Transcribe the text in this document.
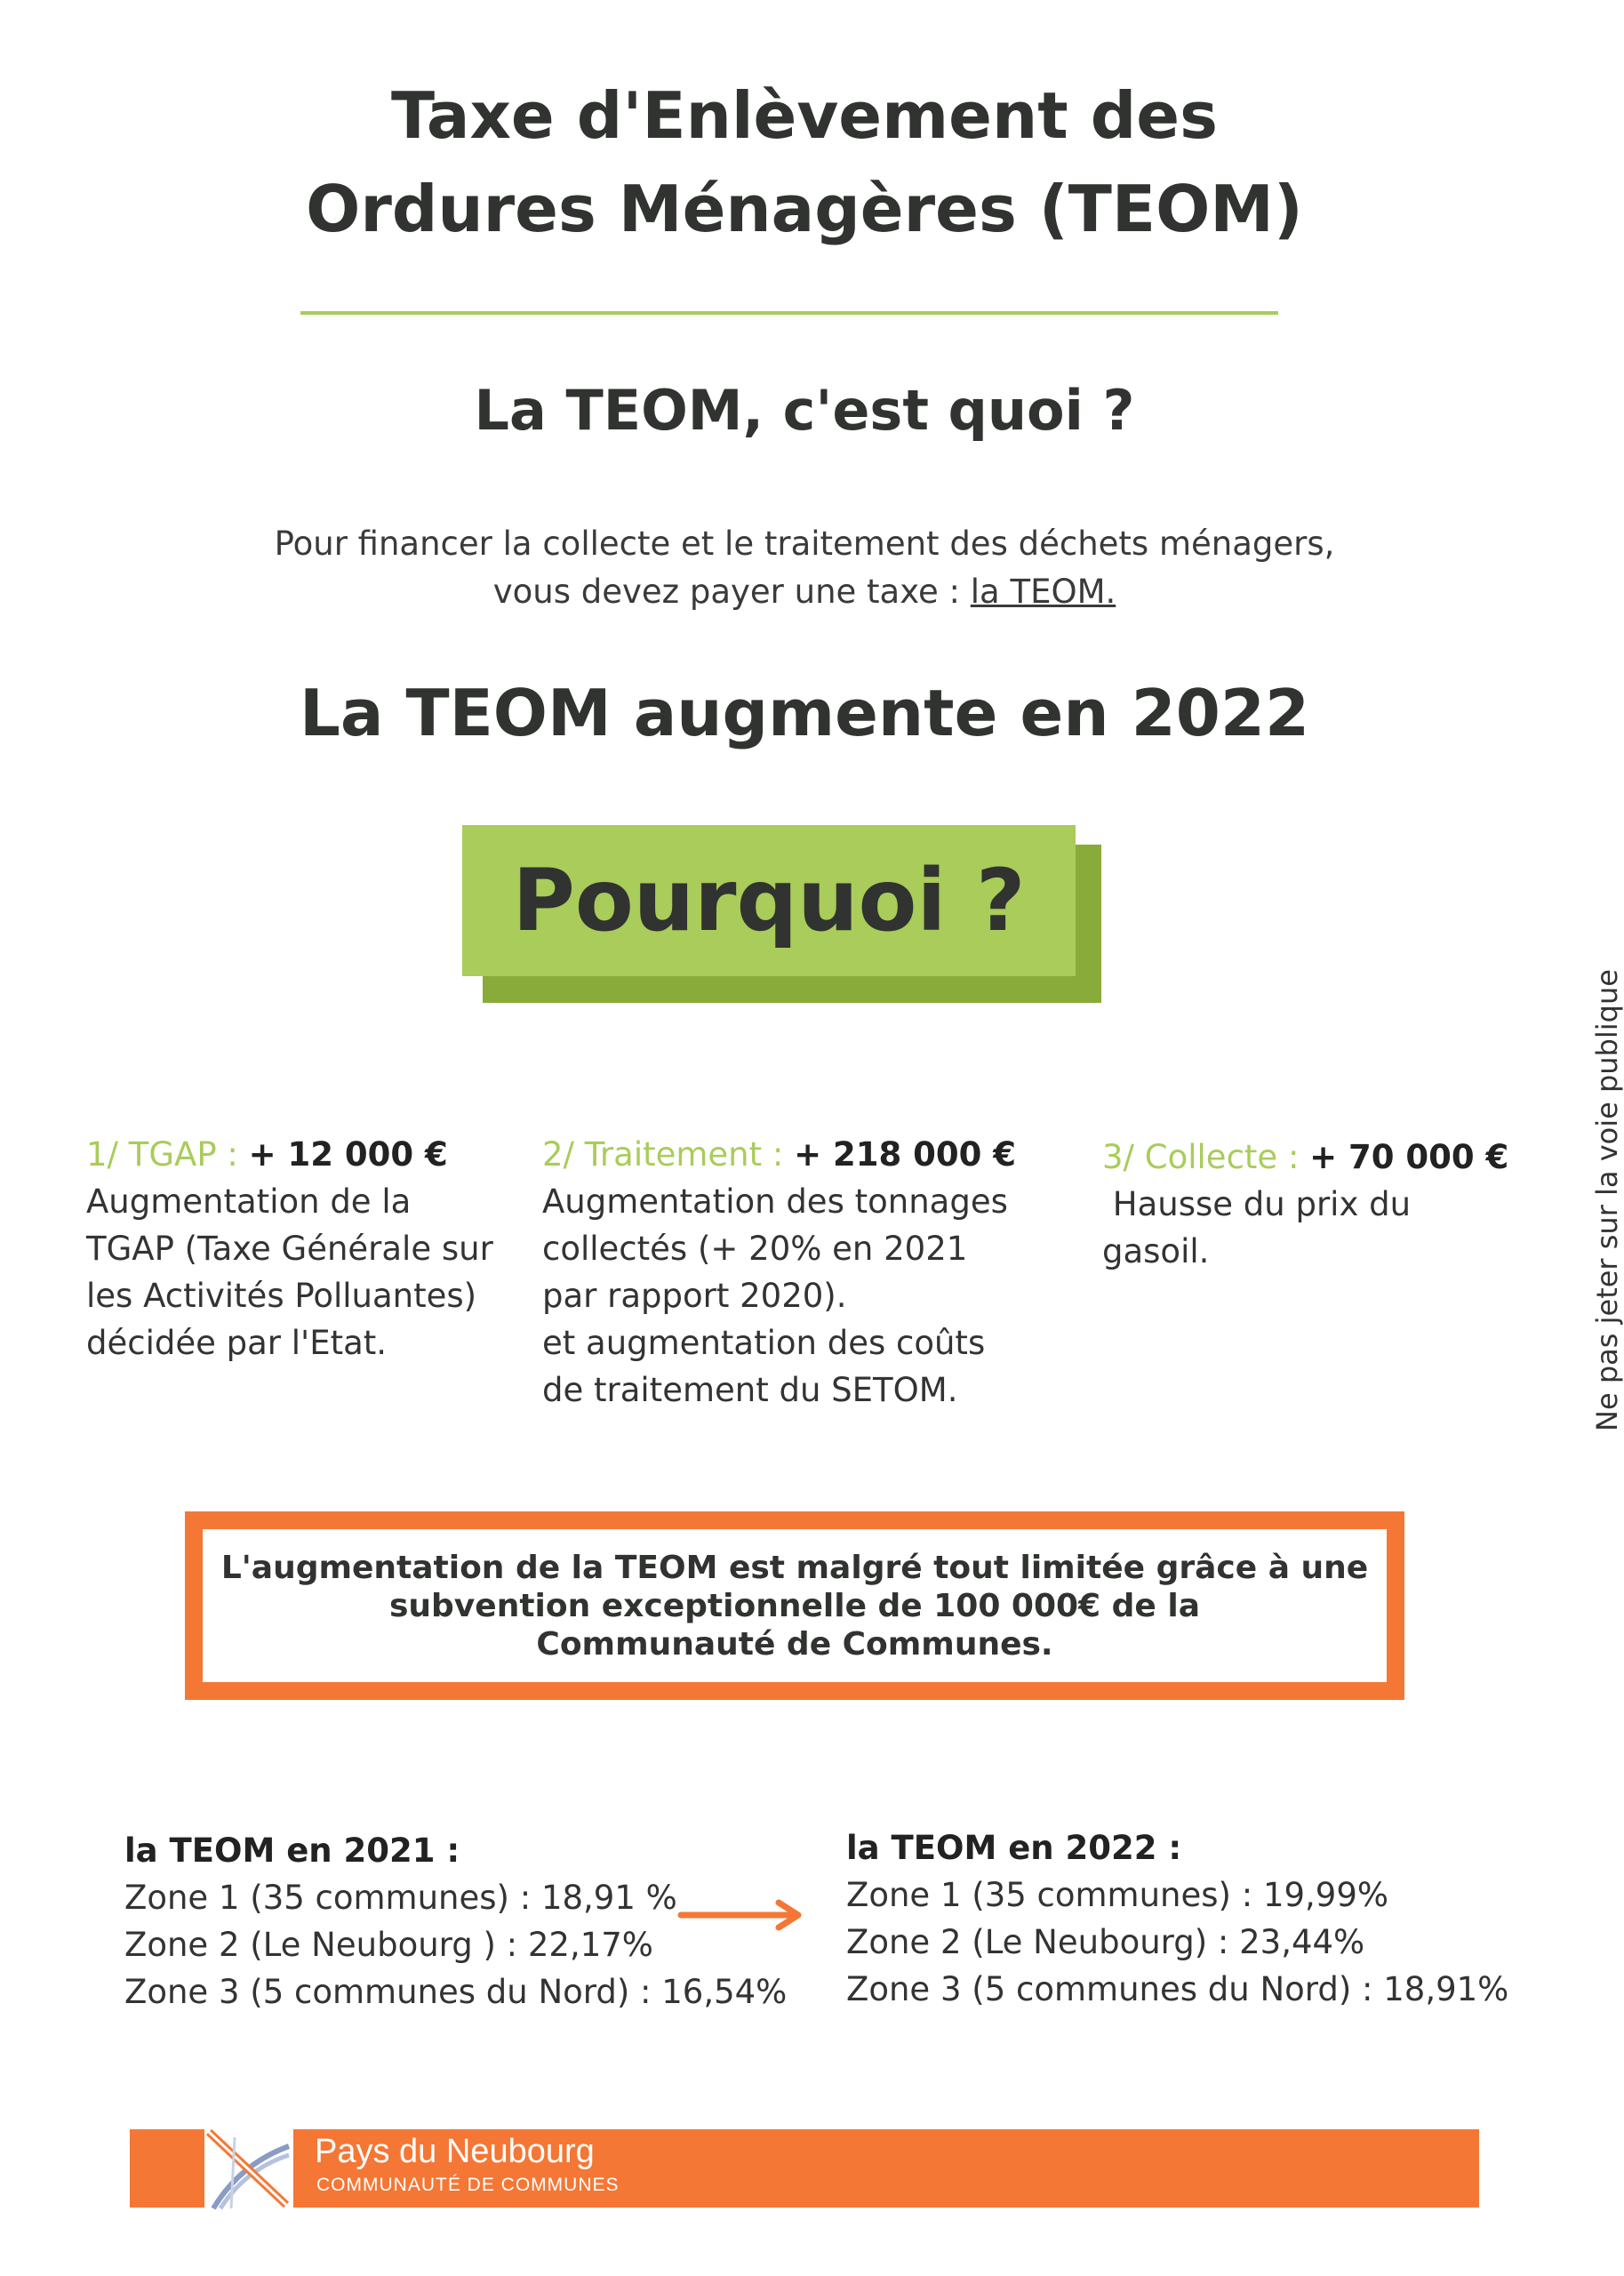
Taxe d'Enlèvement des
Ordures Ménagères (TEOM)
La TEOM, c'est quoi ?
Pour financer la collecte et le traitement des déchets ménagers,
vous devez payer une taxe : la TEOM.
La TEOM augmente en 2022
Pourquoi ?
Ne pas jeter sur la voie publique
1/ TGAP : + 12 000 €
Augmentation de la
TGAP (Taxe Générale sur
les Activités Polluantes)
décidée par l'Etat.
2/ Traitement : + 218 000 €
Augmentation des tonnages
collectés (+ 20% en 2021
par rapport 2020).
et augmentation des coûts
de traitement du SETOM.
3/ Collecte : + 70 000 €
Hausse du prix du
gasoil.
L'augmentation de la TEOM est malgré tout limitée grâce à une
subvention exceptionnelle de 100 000€ de la
Communauté de Communes.
la TEOM en 2021 :
Zone 1 (35 communes) : 18,91 %
Zone 2 (Le Neubourg ) : 22,17%
Zone 3 (5 communes du Nord) : 16,54%
la TEOM en 2022 :
Zone 1 (35 communes) : 19,99%
Zone 2 (Le Neubourg) : 23,44%
Zone 3 (5 communes du Nord) : 18,91%
Pays du Neubourg
COMMUNAUTÉ DE COMMUNES
